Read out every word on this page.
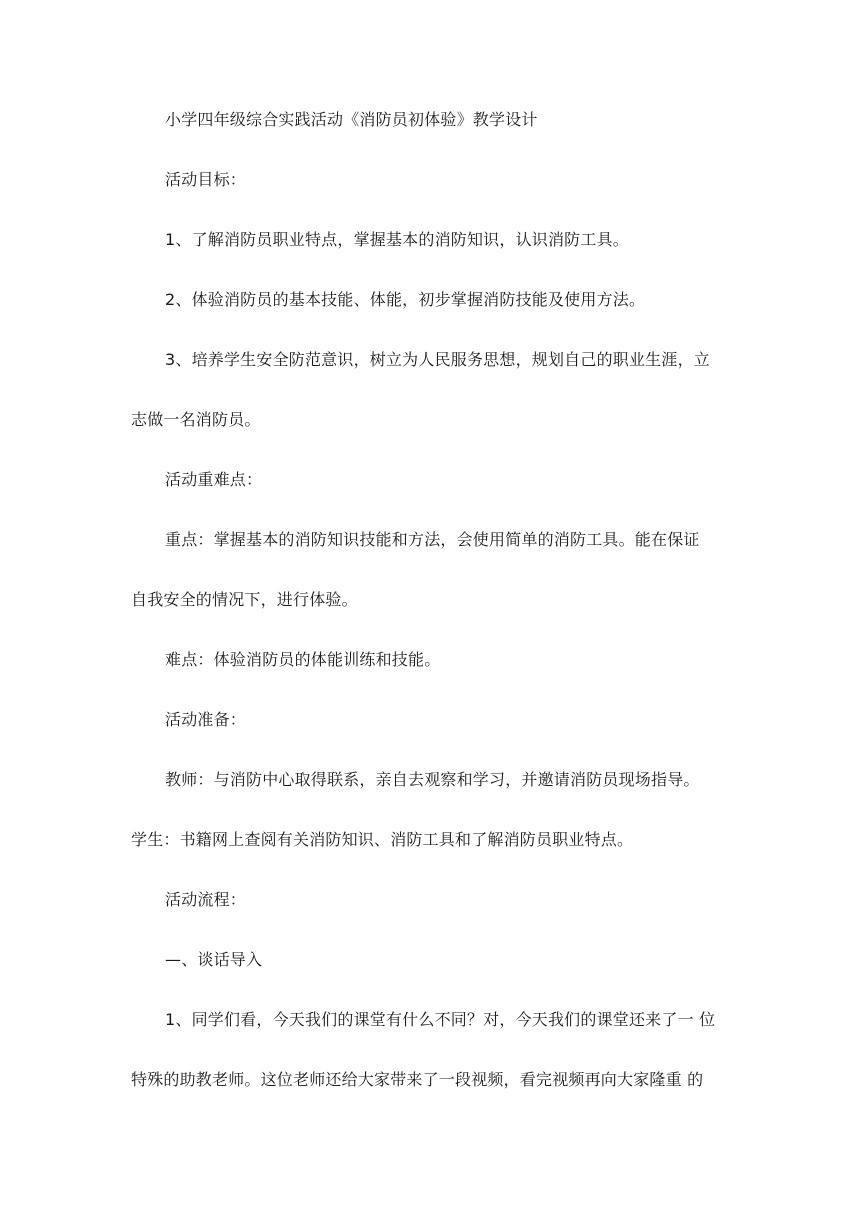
小学四年级综合实践活动《消防员初体验》教学设计
活动目标：
1、了解消防员职业特点，掌握基本的消防知识，认识消防工具。
2、体验消防员的基本技能、体能，初步掌握消防技能及使用方法。
3、培养学生安全防范意识，树立为人民服务思想，规划自己的职业生涯，立
志做一名消防员。
活动重难点：
重点：掌握基本的消防知识技能和方法，会使用简单的消防工具。能在保证
自我安全的情况下，进行体验。
难点：体验消防员的体能训练和技能。
活动准备：
教师：与消防中心取得联系，亲自去观察和学习，并邀请消防员现场指导。
学生：书籍网上查阅有关消防知识、消防工具和了解消防员职业特点。
活动流程：
—、谈话导入
1、同学们看，今天我们的课堂有什么不同？对，今天我们的课堂还来了一 位
特殊的助教老师。这位老师还给大家带来了一段视频，看完视频再向大家隆重 的
